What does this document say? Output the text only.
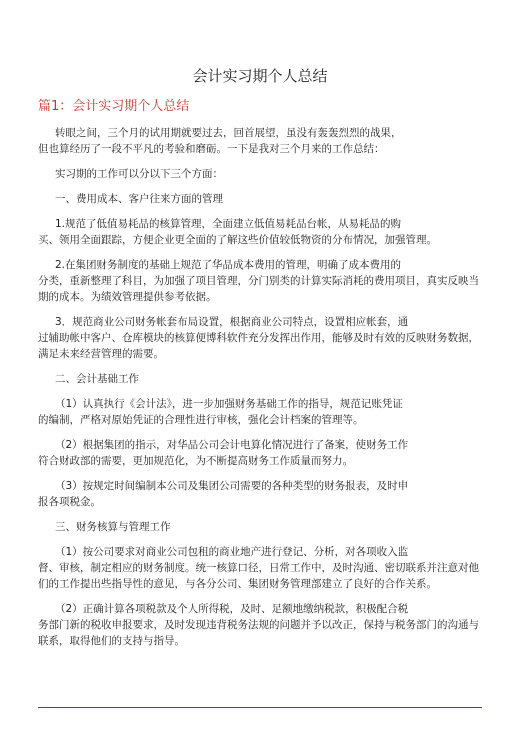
会计实习期个人总结
篇1：会计实习期个人总结

转眼之间，三个月的试用期就要过去，回首展望，虽没有轰轰烈烈的战果，
但也算经历了一段不平凡的考验和磨砺。一下是我对三个月来的工作总结：

实习期的工作可以分以下三个方面：

一、费用成本、客户往来方面的管理

1.规范了低值易耗品的核算管理，全面建立低值易耗品台帐，从易耗品的购
买、领用全面跟踪，方便企业更全面的了解这些价值较低物资的分布情况，加强管理。

2.在集团财务制度的基础上规范了华品成本费用的管理，明确了成本费用的
分类，重新整理了科目，为加强了项目管理，分门别类的计算实际消耗的费用项目，真实反映当
期的成本。为绩效管理提供参考依据。

3．规范商业公司财务帐套布局设置，根据商业公司特点，设置相应帐套，通
过辅助帐中客户、仓库模块的核算便博科软件充分发挥出作用，能够及时有效的反映财务数据，
满足未来经营管理的需要。

二、会计基础工作

（1）认真执行《会计法》，进一步加强财务基础工作的指导，规范记账凭证
的编制，严格对原始凭证的合理性进行审核，强化会计档案的管理等。

（2）根据集团的指示，对华品公司会计电算化情况进行了备案，使财务工作
符合财政部的需要，更加规范化，为不断提高财务工作质量而努力。

（3）按规定时间编制本公司及集团公司需要的各种类型的财务报表，及时申
报各项税金。

三、财务核算与管理工作

（1）按公司要求对商业公司包租的商业地产进行登记、分析，对各项收入监
督、审核，制定相应的财务制度。统一核算口径，日常工作中，及时沟通、密切联系并注意对他
们的工作提出些指导性的意见，与各分公司、集团财务管理部建立了良好的合作关系。

（2）正确计算各项税款及个人所得税，及时、足额地缴纳税款，积极配合税
务部门新的税收申报要求，及时发现违背税务法规的问题并予以改正，保持与税务部门的沟通与
联系，取得他们的支持与指导。
